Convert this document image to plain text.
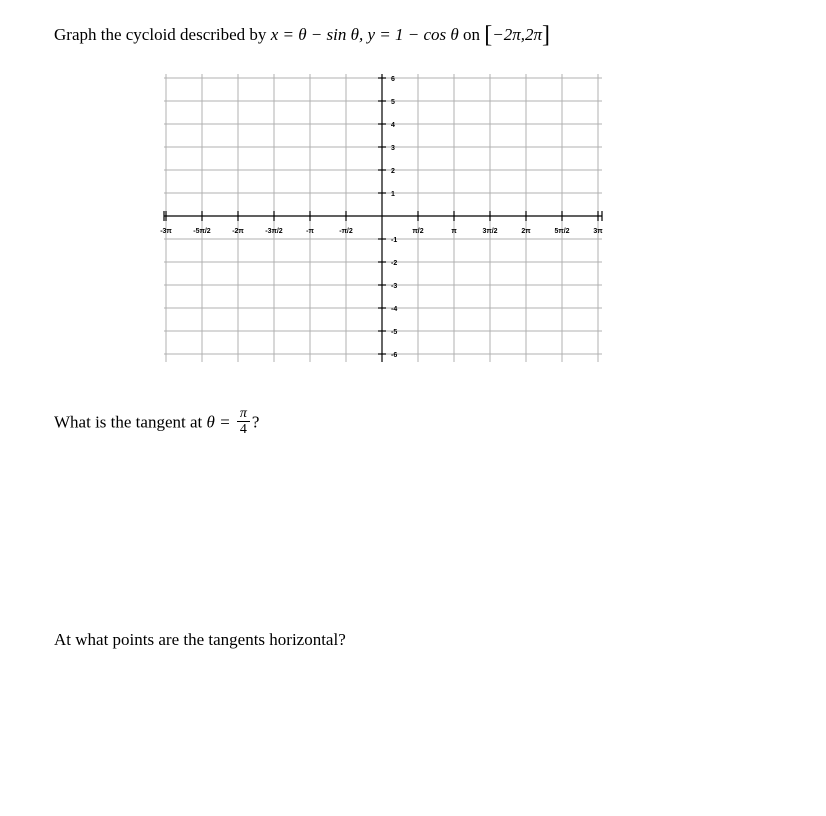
Graph the cycloid described by x = θ − sin θ, y = 1 − cos θ on [−2π,2π]
-3π	-5π/2	-2π	-3π/2	-π	-π/2	π/2	π	3π/2	2π	5π/2	3π
6
5
4
3
2
1
-1
-2
-3
-4
-5
-6
What is the tangent at $\theta = \frac{\pi}{4}$ ?
At what points are the tangents horizontal?
